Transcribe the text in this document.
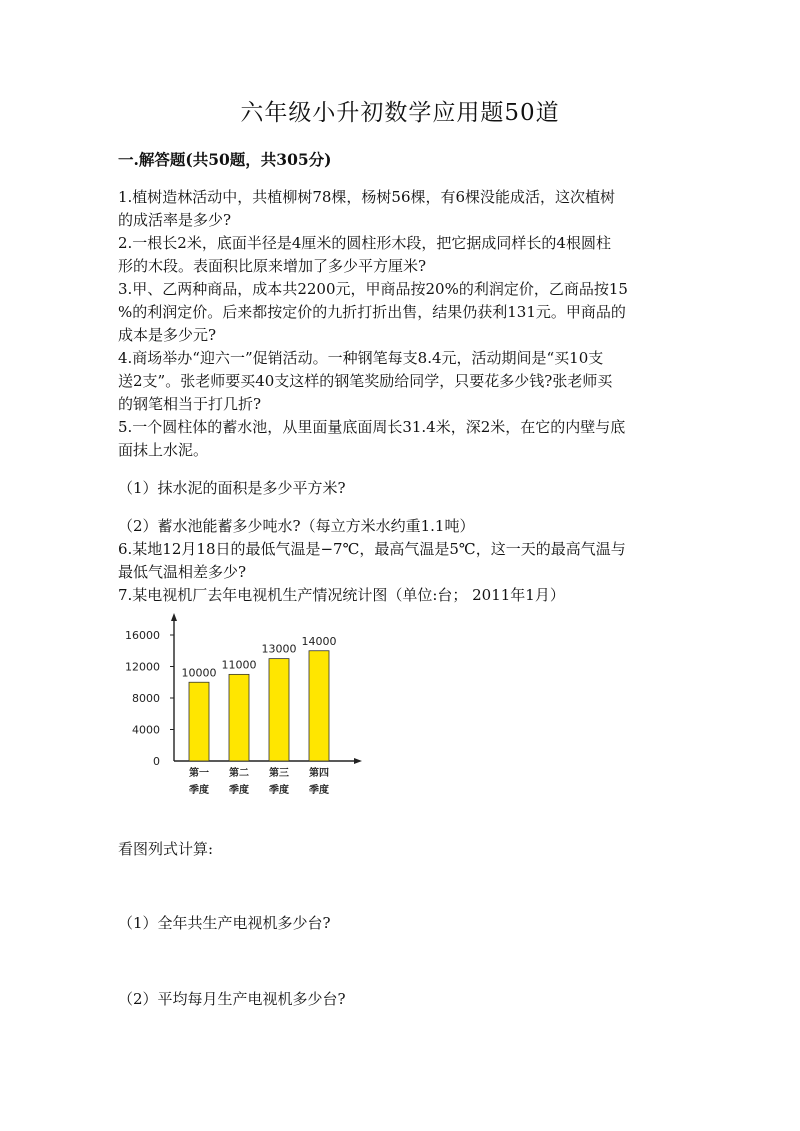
六年级小升初数学应用题50道
一.解答题(共50题，共305分)
1.植树造林活动中，共植柳树78棵，杨树56棵，有6棵没能成活，这次植树
的成活率是多少?
2.一根长2米，底面半径是4厘米的圆柱形木段，把它据成同样长的4根圆柱
形的木段。表面积比原来增加了多少平方厘米?
3.甲、乙两种商品，成本共2200元，甲商品按20%的利润定价，乙商品按15
%的利润定价。后来都按定价的九折打折出售，结果仍获利131元。甲商品的
成本是多少元?
4.商场举办“迎六一”促销活动。一种钢笔每支8.4元，活动期间是“买10支
送2支”。张老师要买40支这样的钢笔奖励给同学，只要花多少钱?张老师买
的钢笔相当于打几折?
5.一个圆柱体的蓄水池，从里面量底面周长31.4米，深2米，在它的内壁与底
面抹上水泥。
（1）抹水泥的面积是多少平方米?
（2）蓄水池能蓄多少吨水?（每立方米水约重1.1吨）
6.某地12月18日的最低气温是−7℃，最高气温是5℃，这一天的最高气温与
最低气温相差多少?
7.某电视机厂去年电视机生产情况统计图（单位:台； 2011年1月）
0
4000
8000
12000
16000
10000
第一
季度
11000
第二
季度
13000
第三
季度
14000
第四
季度
看图列式计算:
（1）全年共生产电视机多少台?
（2）平均每月生产电视机多少台?
